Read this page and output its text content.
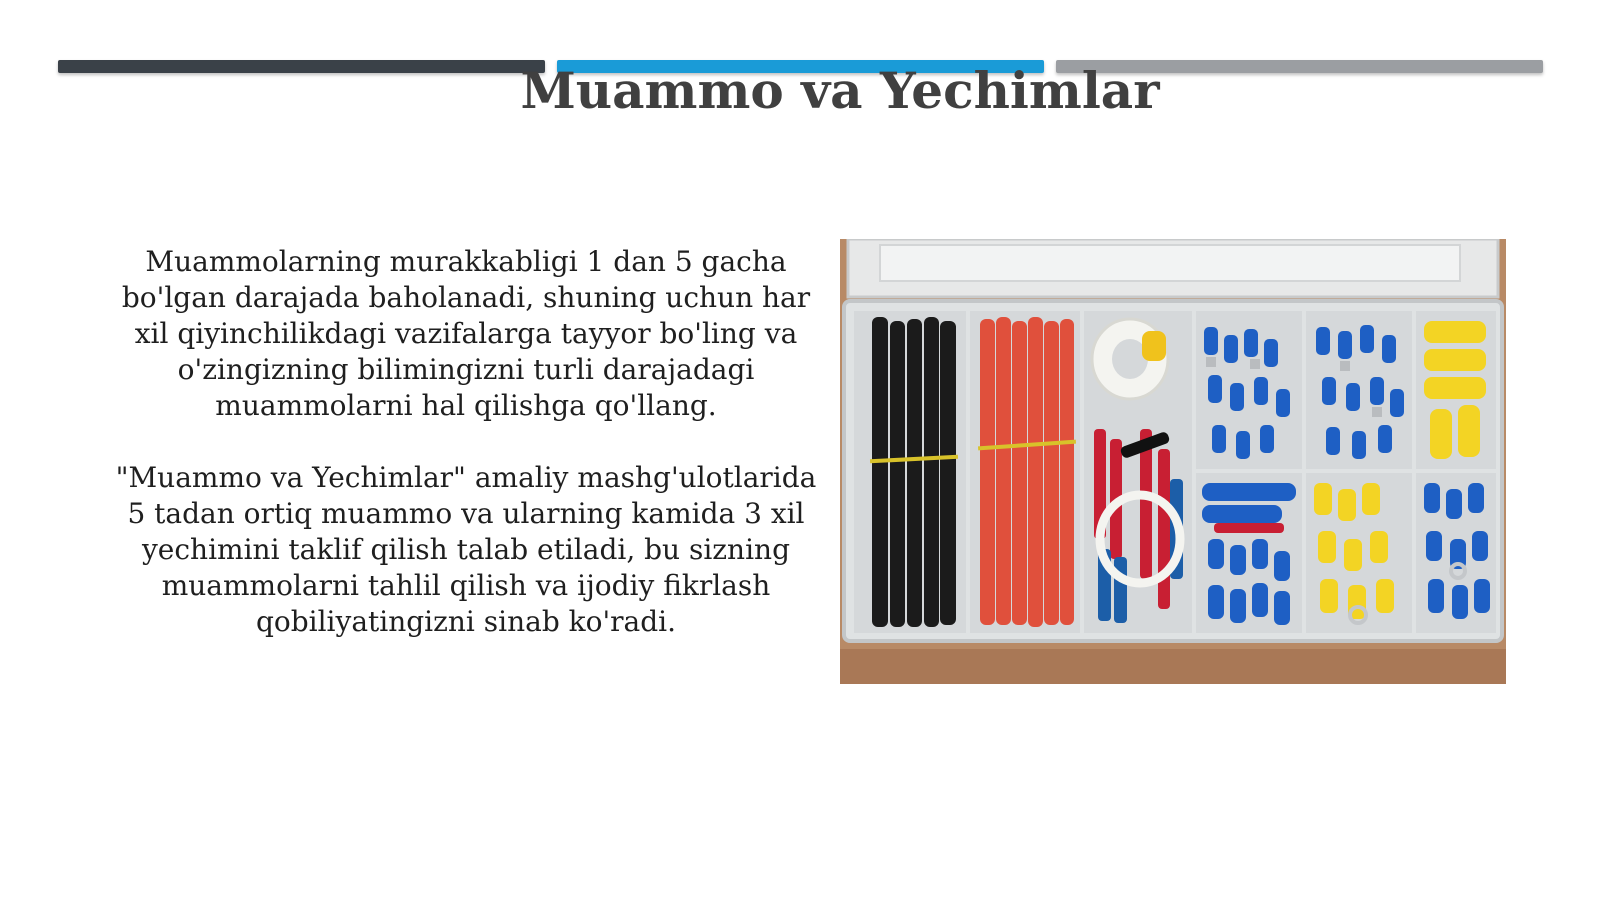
Muammo va Yechimlar

Muammolarning murakkabligi 1 dan 5 gacha bo'lgan darajada baholanadi, shuning uchun har xil qiyinchilikdagi vazifalarga tayyor bo'ling va o'zingizning bilimingizni turli darajadagi muammolarni hal qilishga qo'llang.

"Muammo va Yechimlar" amaliy mashg'ulotlarida 5 tadan ortiq muammo va ularning kamida 3 xil yechimini taklif qilish talab etiladi, bu sizning muammolarni tahlil qilish va ijodiy fikrlash qobiliyatingizni sinab ko'radi.
